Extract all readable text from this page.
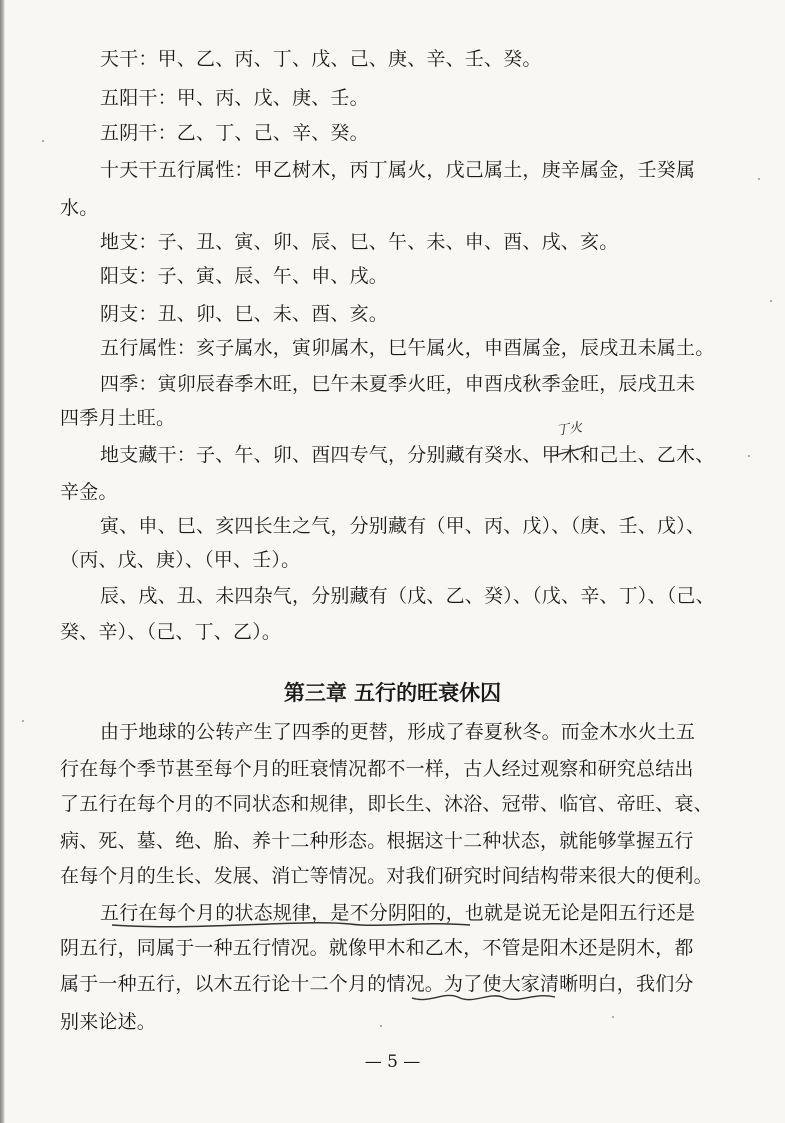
天干：甲、乙、丙、丁、戊、己、庚、辛、壬、癸。
五阳干：甲、丙、戊、庚、壬。
五阴干：乙、丁、己、辛、癸。
十天干五行属性：甲乙树木，丙丁属火，戊己属土，庚辛属金，壬癸属
水。
地支：子、丑、寅、卯、辰、巳、午、未、申、酉、戌、亥。
阳支：子、寅、辰、午、申、戌。
阴支：丑、卯、巳、未、酉、亥。
五行属性：亥子属水，寅卯属木，巳午属火，申酉属金，辰戌丑未属土。
四季：寅卯辰春季木旺，巳午未夏季火旺，申酉戌秋季金旺，辰戌丑未
四季月土旺。
地支藏干：子、午、卯、酉四专气，分别藏有癸水、甲木和己土、乙木、
辛金。
寅、申、巳、亥四长生之气，分别藏有（甲、丙、戊）、（庚、壬、戊）、
（丙、戊、庚）、（甲、壬）。
辰、戌、丑、未四杂气，分别藏有（戊、乙、癸）、（戊、辛、丁）、（己、
癸、辛）、（己、丁、乙）。
丁火
第三章 五行的旺衰休囚
由于地球的公转产生了四季的更替，形成了春夏秋冬。而金木水火土五
行在每个季节甚至每个月的旺衰情况都不一样，古人经过观察和研究总结出
了五行在每个月的不同状态和规律，即长生、沐浴、冠带、临官、帝旺、衰、
病、死、墓、绝、胎、养十二种形态。根据这十二种状态，就能够掌握五行
在每个月的生长、发展、消亡等情况。对我们研究时间结构带来很大的便利。
五行在每个月的状态规律，是不分阴阳的，也就是说无论是阳五行还是
阴五行，同属于一种五行情况。就像甲木和乙木，不管是阳木还是阴木，都
属于一种五行，以木五行论十二个月的情况。为了使大家清晰明白，我们分
别来论述。
— 5 —
